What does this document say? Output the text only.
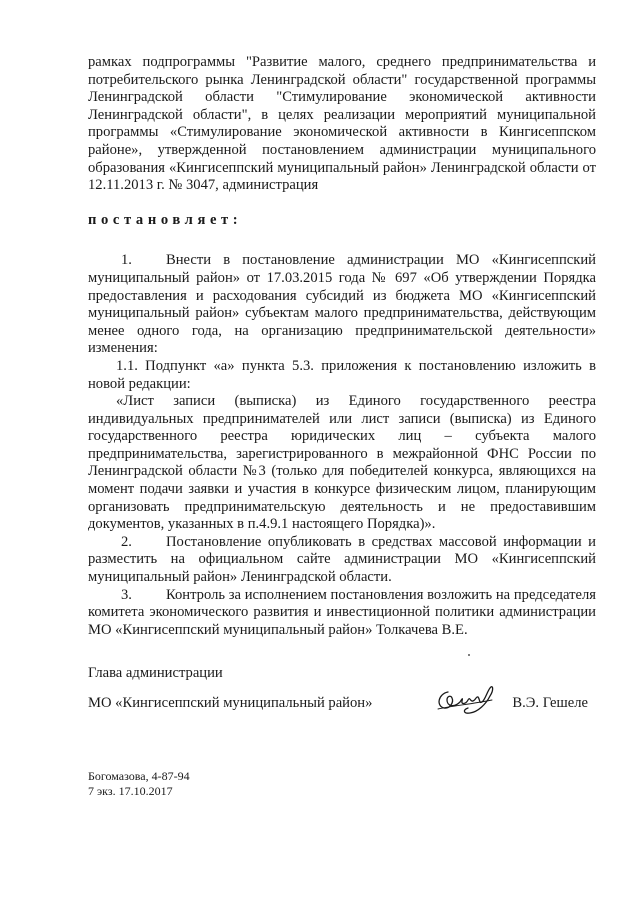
рамках подпрограммы "Развитие малого, среднего предпринимательства и потребительского рынка Ленинградской области" государственной программы Ленинградской области "Стимулирование экономической активности Ленинградской области", в целях реализации мероприятий муниципальной программы «Стимулирование экономической активности в Кингисеппском районе», утвержденной постановлением администрации муниципального образования «Кингисеппский муниципальный район» Ленинградской области от 12.11.2013 г. № 3047, администрация

постановляет:

1. Внести в постановление администрации МО «Кингисеппский муниципальный район» от 17.03.2015 года № 697 «Об утверждении Порядка предоставления и расходования субсидий из бюджета МО «Кингисеппский муниципальный район» субъектам малого предпринимательства, действующим менее одного года, на организацию предпринимательской деятельности» изменения:

1.1. Подпункт «а» пункта 5.3. приложения к постановлению изложить в новой редакции:

«Лист записи (выписка) из Единого государственного реестра индивидуальных предпринимателей или лист записи (выписка) из Единого государственного реестра юридических лиц – субъекта малого предпринимательства, зарегистрированного в межрайонной ФНС России по Ленинградской области №3 (только для победителей конкурса, являющихся на момент подачи заявки и участия в конкурсе физическим лицом, планирующим организовать предпринимательскую деятельность и не предоставившим документов, указанных в п.4.9.1 настоящего Порядка)».

2. Постановление опубликовать в средствах массовой информации и разместить на официальном сайте администрации МО «Кингисеппский муниципальный район» Ленинградской области.

3. Контроль за исполнением постановления возложить на председателя комитета экономического развития и инвестиционной политики администрации МО «Кингисеппский муниципальный район» Толкачева В.Е.

Глава администрации
МО «Кингисеппский муниципальный район»	В.Э. Гешеле
Богомазова, 4-87-94
7 экз. 17.10.2017
